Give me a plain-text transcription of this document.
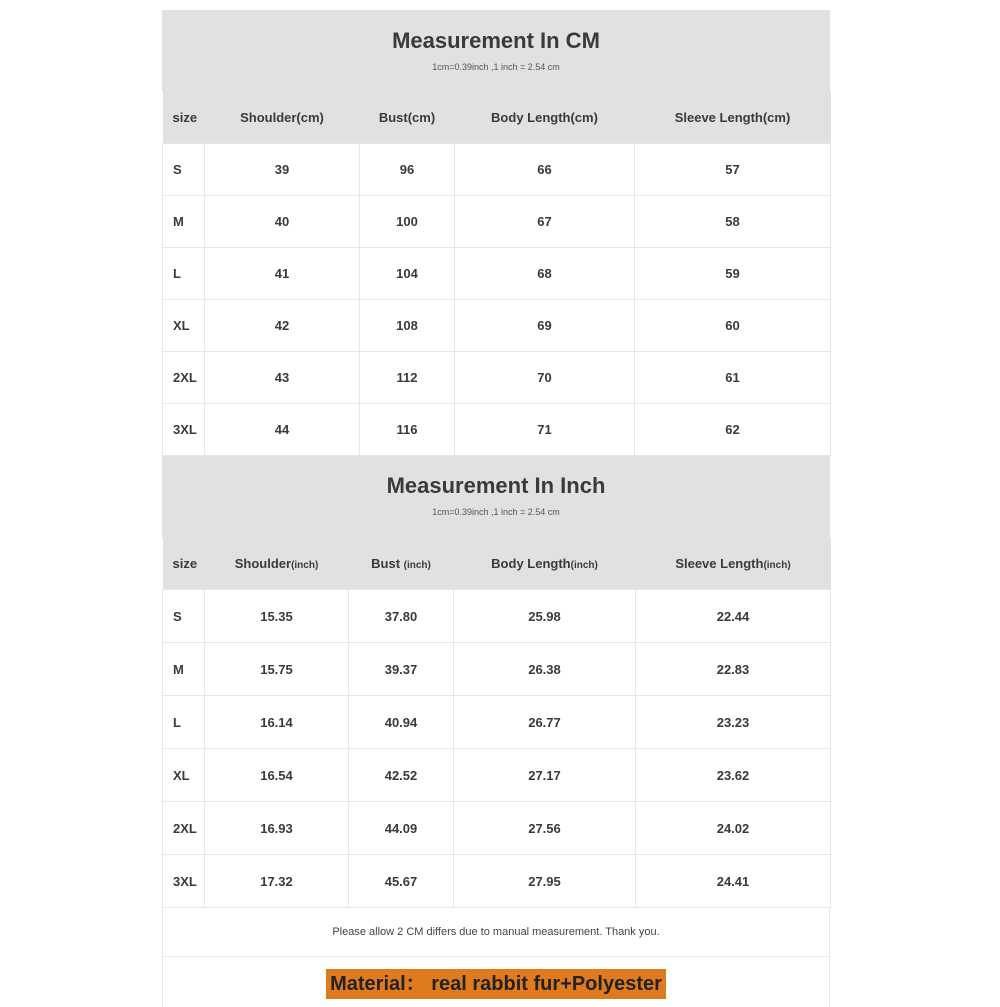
Measurement In CM
1cm=0.39inch ,1 inch = 2.54 cm
size	Shoulder(cm)	Bust(cm)	Body Length(cm)	Sleeve Length(cm)
S	39	96	66	57
M	40	100	67	58
L	41	104	68	59
XL	42	108	69	60
2XL	43	112	70	61
3XL	44	116	71	62
Measurement In Inch
1cm=0.39inch ,1 inch = 2.54 cm
size	Shoulder(inch)	Bust (inch)	Body Length(inch)	Sleeve Length(inch)
S	15.35	37.80	25.98	22.44
M	15.75	39.37	26.38	22.83
L	16.14	40.94	26.77	23.23
XL	16.54	42.52	27.17	23.62
2XL	16.93	44.09	27.56	24.02
3XL	17.32	45.67	27.95	24.41
Please allow 2 CM differs due to manual measurement. Thank you.
Material： real rabbit fur+Polyester
